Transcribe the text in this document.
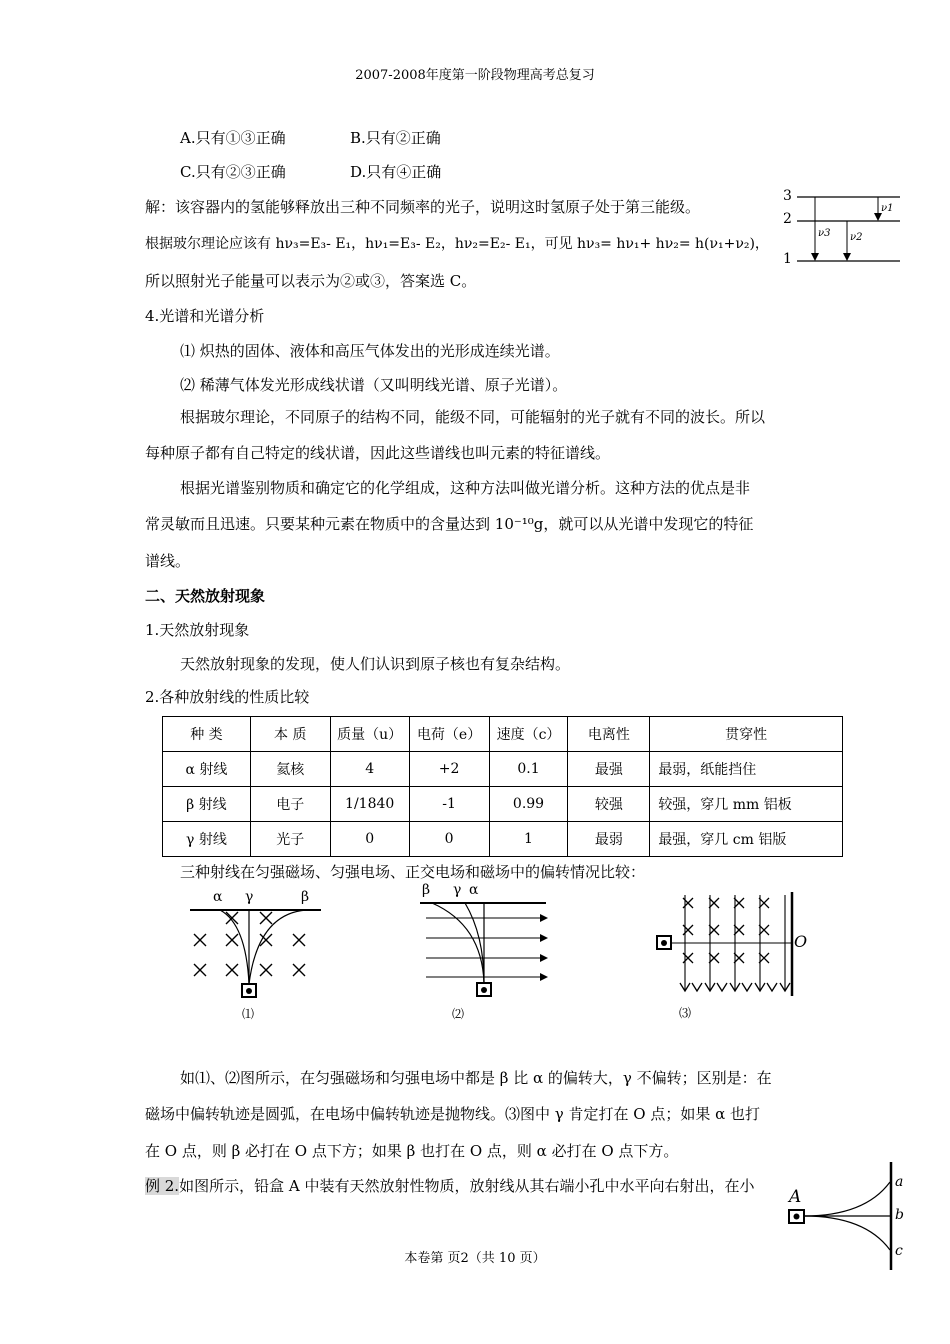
2007-2008年度第一阶段物理高考总复习
A.只有①③正确	B.只有②正确
C.只有②③正确	D.只有④正确
解：该容器内的氢能够释放出三种不同频率的光子，说明这时氢原子处于第三能级。
根据玻尔理论应该有 hν₃=E₃- E₁，hν₁=E₃- E₂，hν₂=E₂- E₁，可见 hν₃= hν₁+ hν₂= h(ν₁+ν₂)，
所以照射光子能量可以表示为②或③，答案选 C。
3
2
1
ν3 ν2
ν1
4.光谱和光谱分析
⑴ 炽热的固体、液体和高压气体发出的光形成连续光谱。
⑵ 稀薄气体发光形成线状谱（又叫明线光谱、原子光谱）。
根据玻尔理论，不同原子的结构不同，能级不同，可能辐射的光子就有不同的波长。所以
每种原子都有自己特定的线状谱，因此这些谱线也叫元素的特征谱线。
根据光谱鉴别物质和确定它的化学组成，这种方法叫做光谱分析。这种方法的优点是非
常灵敏而且迅速。只要某种元素在物质中的含量达到 10⁻¹⁰g，就可以从光谱中发现它的特征
谱线。
二、天然放射现象
1.天然放射现象
天然放射现象的发现，使人们认识到原子核也有复杂结构。
2.各种放射线的性质比较
种 类	本 质	质量（u）	电荷（e）	速度（c）	电离性	贯穿性
α 射线	氦核	4	+2	0.1	最强	最弱，纸能挡住
β 射线	电子	1/1840	-1	0.99	较强	较强，穿几 mm 铝板
γ 射线	光子	0	0	1	最弱	最强，穿几 cm 铝版
三种射线在匀强磁场、匀强电场、正交电场和磁场中的偏转情况比较：
α γ	β
⑴
β γ α
⑵
O
⑶
如⑴、⑵图所示，在匀强磁场和匀强电场中都是 β 比 α 的偏转大，γ 不偏转；区别是：在
磁场中偏转轨迹是圆弧，在电场中偏转轨迹是抛物线。⑶图中 γ 肯定打在 O 点；如果 α 也打
在 O 点，则 β 必打在 O 点下方；如果 β 也打在 O 点，则 α 必打在 O 点下方。
例 2.如图所示，铅盒 A 中装有天然放射性物质，放射线从其右端小孔中水平向右射出，在小
A
a
b
c
本卷第 页2（共 10 页）
